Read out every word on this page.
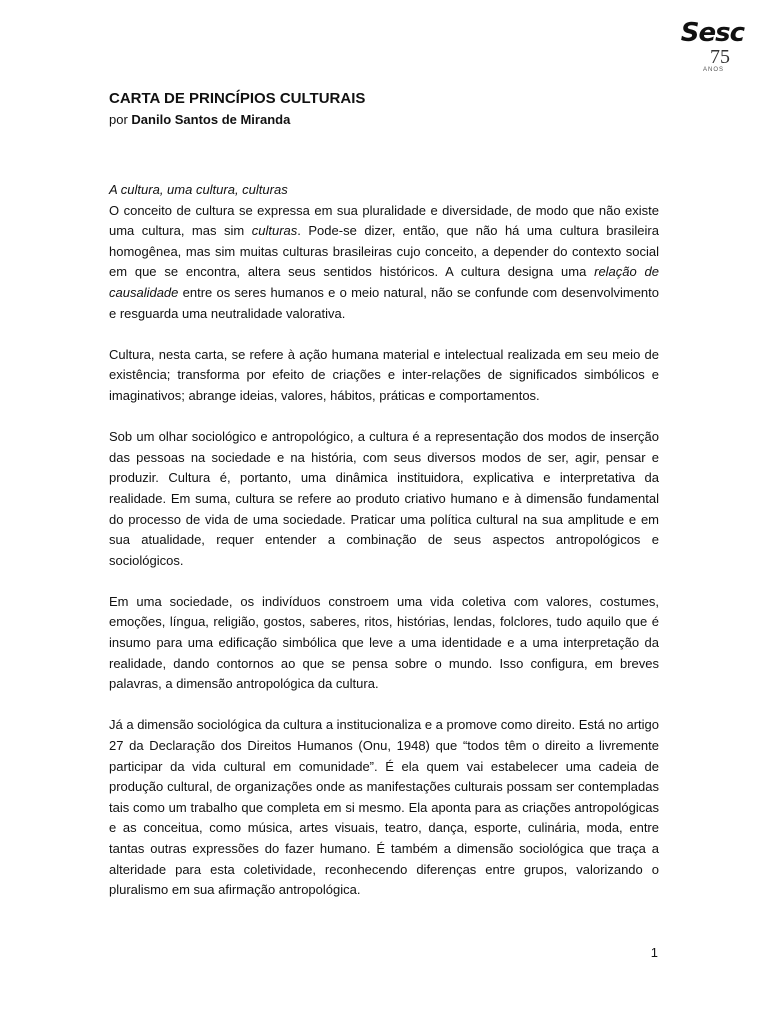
Sesc
75
ANOS
CARTA DE PRINCÍPIOS CULTURAIS
por Danilo Santos de Miranda
A cultura, uma cultura, culturas

O conceito de cultura se expressa em sua pluralidade e diversidade, de modo que não existe uma cultura, mas sim culturas. Pode-se dizer, então, que não há uma cultura brasileira homogênea, mas sim muitas culturas brasileiras cujo conceito, a depender do contexto social em que se encontra, altera seus sentidos históricos. A cultura designa uma relação de causalidade entre os seres humanos e o meio natural, não se confunde com desenvolvimento e resguarda uma neutralidade valorativa.

Cultura, nesta carta, se refere à ação humana material e intelectual realizada em seu meio de existência; transforma por efeito de criações e inter-relações de significados simbólicos e imaginativos; abrange ideias, valores, hábitos, práticas e comportamentos.

Sob um olhar sociológico e antropológico, a cultura é a representação dos modos de inserção das pessoas na sociedade e na história, com seus diversos modos de ser, agir, pensar e produzir. Cultura é, portanto, uma dinâmica instituidora, explicativa e interpretativa da realidade. Em suma, cultura se refere ao produto criativo humano e à dimensão fundamental do processo de vida de uma sociedade. Praticar uma política cultural na sua amplitude e em sua atualidade, requer entender a combinação de seus aspectos antropológicos e sociológicos.

Em uma sociedade, os indivíduos constroem uma vida coletiva com valores, costumes, emoções, língua, religião, gostos, saberes, ritos, histórias, lendas, folclores, tudo aquilo que é insumo para uma edificação simbólica que leve a uma identidade e a uma interpretação da realidade, dando contornos ao que se pensa sobre o mundo. Isso configura, em breves palavras, a dimensão antropológica da cultura.

Já a dimensão sociológica da cultura a institucionaliza e a promove como direito. Está no artigo 27 da Declaração dos Direitos Humanos (Onu, 1948) que “todos têm o direito a livremente participar da vida cultural em comunidade”. É ela quem vai estabelecer uma cadeia de produção cultural, de organizações onde as manifestações culturais possam ser contempladas tais como um trabalho que completa em si mesmo. Ela aponta para as criações antropológicas e as conceitua, como música, artes visuais, teatro, dança, esporte, culinária, moda, entre tantas outras expressões do fazer humano. É também a dimensão sociológica que traça a alteridade para esta coletividade, reconhecendo diferenças entre grupos, valorizando o pluralismo em sua afirmação antropológica.

1
